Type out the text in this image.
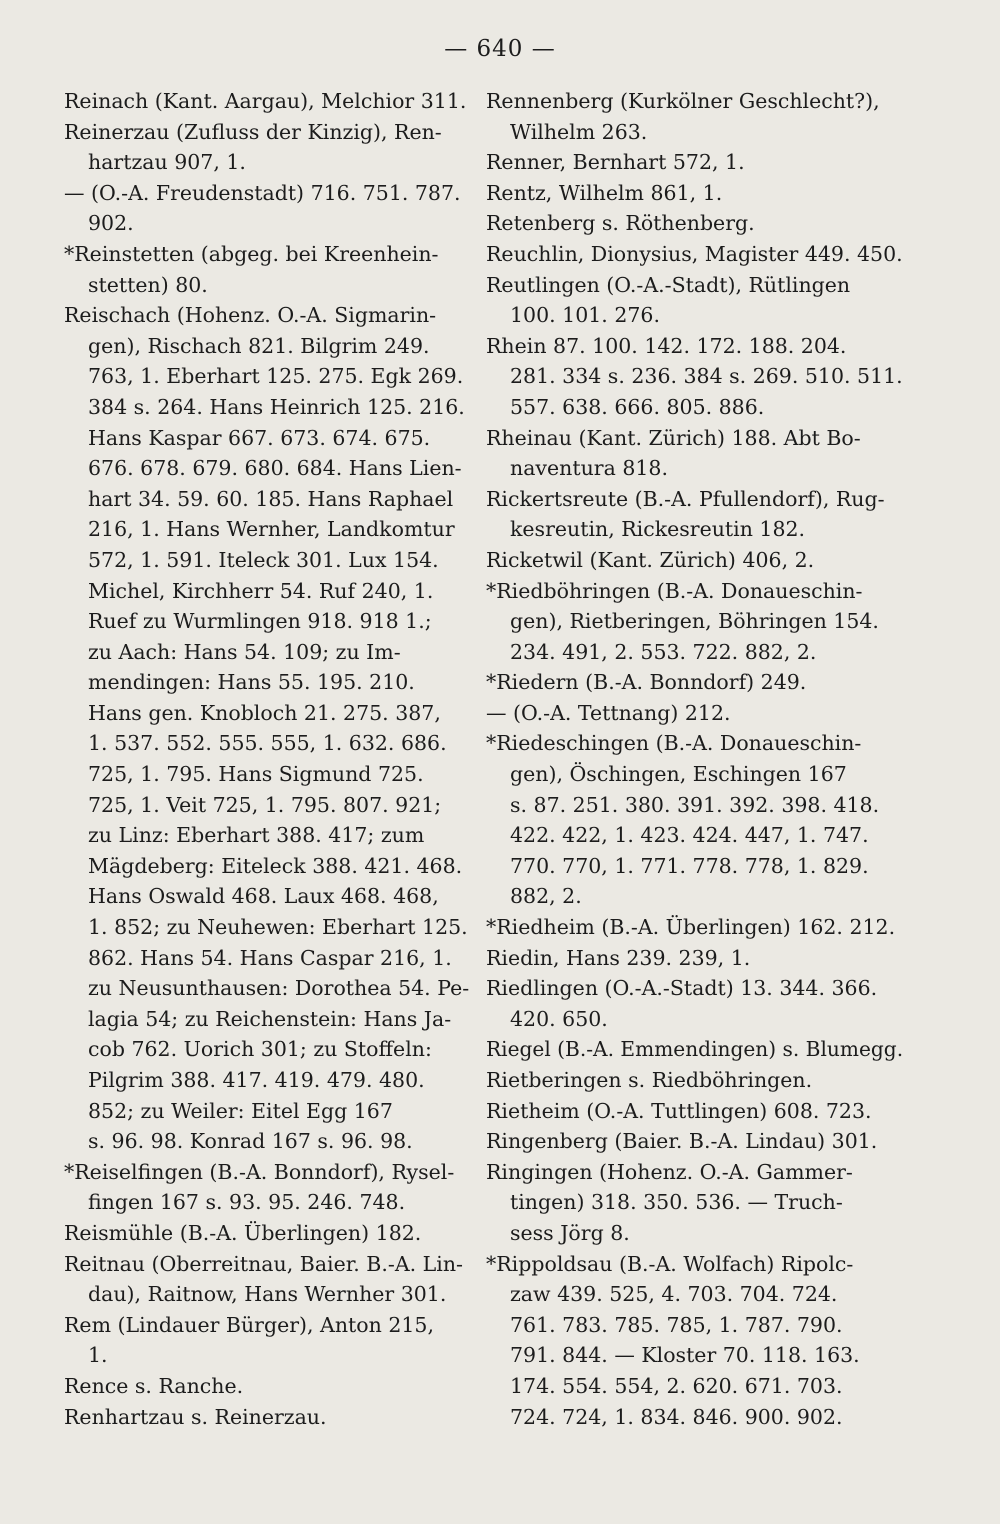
— 640 —
Reinach (Kant. Aargau), Melchior 311.
Reinerzau (Zufluss der Kinzig), Ren-
hartzau 907, 1.
— (O.-A. Freudenstadt) 716. 751. 787.
902.
*Reinstetten (abgeg. bei Kreenhein-
stetten) 80.
Reischach (Hohenz. O.-A. Sigmarin-
gen), Rischach 821. Bilgrim 249.
763, 1. Eberhart 125. 275. Egk 269.
384 s. 264. Hans Heinrich 125. 216.
Hans Kaspar 667. 673. 674. 675.
676. 678. 679. 680. 684. Hans Lien-
hart 34. 59. 60. 185. Hans Raphael
216, 1. Hans Wernher, Landkomtur
572, 1. 591. Iteleck 301. Lux 154.
Michel, Kirchherr 54. Ruf 240, 1.
Ruef zu Wurmlingen 918. 918 1.;
zu Aach: Hans 54. 109; zu Im-
mendingen: Hans 55. 195. 210.
Hans gen. Knobloch 21. 275. 387,
1. 537. 552. 555. 555, 1. 632. 686.
725, 1. 795. Hans Sigmund 725.
725, 1. Veit 725, 1. 795. 807. 921;
zu Linz: Eberhart 388. 417; zum
Mägdeberg: Eiteleck 388. 421. 468.
Hans Oswald 468. Laux 468. 468,
1. 852; zu Neuhewen: Eberhart 125.
862. Hans 54. Hans Caspar 216, 1.
zu Neusunthausen: Dorothea 54. Pe-
lagia 54; zu Reichenstein: Hans Ja-
cob 762. Uorich 301; zu Stoffeln:
Pilgrim 388. 417. 419. 479. 480.
852; zu Weiler: Eitel Egg 167
s. 96. 98. Konrad 167 s. 96. 98.
*Reiselfingen (B.-A. Bonndorf), Rysel-
fingen 167 s. 93. 95. 246. 748.
Reismühle (B.-A. Überlingen) 182.
Reitnau (Oberreitnau, Baier. B.-A. Lin-
dau), Raitnow, Hans Wernher 301.
Rem (Lindauer Bürger), Anton 215,
1.
Rence s. Ranche.
Renhartzau s. Reinerzau.
Rennenberg (Kurkölner Geschlecht?),
Wilhelm 263.
Renner, Bernhart 572, 1.
Rentz, Wilhelm 861, 1.
Retenberg s. Röthenberg.
Reuchlin, Dionysius, Magister 449. 450.
Reutlingen (O.-A.-Stadt), Rütlingen
100. 101. 276.
Rhein 87. 100. 142. 172. 188. 204.
281. 334 s. 236. 384 s. 269. 510. 511.
557. 638. 666. 805. 886.
Rheinau (Kant. Zürich) 188. Abt Bo-
naventura 818.
Rickertsreute (B.-A. Pfullendorf), Rug-
kesreutin, Rickesreutin 182.
Ricketwil (Kant. Zürich) 406, 2.
*Riedböhringen (B.-A. Donaueschin-
gen), Rietberingen, Böhringen 154.
234. 491, 2. 553. 722. 882, 2.
*Riedern (B.-A. Bonndorf) 249.
— (O.-A. Tettnang) 212.
*Riedeschingen (B.-A. Donaueschin-
gen), Öschingen, Eschingen 167
s. 87. 251. 380. 391. 392. 398. 418.
422. 422, 1. 423. 424. 447, 1. 747.
770. 770, 1. 771. 778. 778, 1. 829.
882, 2.
*Riedheim (B.-A. Überlingen) 162. 212.
Riedin, Hans 239. 239, 1.
Riedlingen (O.-A.-Stadt) 13. 344. 366.
420. 650.
Riegel (B.-A. Emmendingen) s. Blumegg.
Rietberingen s. Riedböhringen.
Rietheim (O.-A. Tuttlingen) 608. 723.
Ringenberg (Baier. B.-A. Lindau) 301.
Ringingen (Hohenz. O.-A. Gammer-
tingen) 318. 350. 536. — Truch-
sess Jörg 8.
*Rippoldsau (B.-A. Wolfach) Ripolc-
zaw 439. 525, 4. 703. 704. 724.
761. 783. 785. 785, 1. 787. 790.
791. 844. — Kloster 70. 118. 163.
174. 554. 554, 2. 620. 671. 703.
724. 724, 1. 834. 846. 900. 902.
